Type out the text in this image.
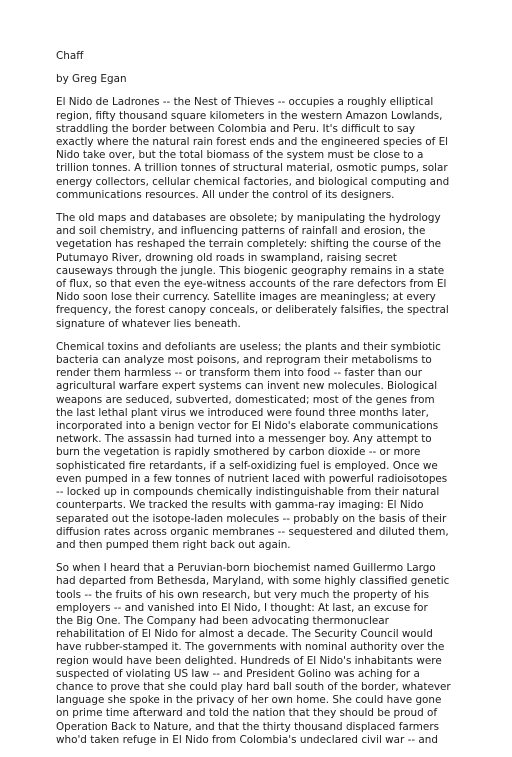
Chaff
by Greg Egan
El Nido de Ladrones -- the Nest of Thieves -- occupies a roughly elliptical
region, fifty thousand square kilometers in the western Amazon Lowlands,
straddling the border between Colombia and Peru. It's difficult to say
exactly where the natural rain forest ends and the engineered species of El
Nido take over, but the total biomass of the system must be close to a
trillion tonnes. A trillion tonnes of structural material, osmotic pumps, solar
energy collectors, cellular chemical factories, and biological computing and
communications resources. All under the control of its designers.
The old maps and databases are obsolete; by manipulating the hydrology
and soil chemistry, and influencing patterns of rainfall and erosion, the
vegetation has reshaped the terrain completely: shifting the course of the
Putumayo River, drowning old roads in swampland, raising secret
causeways through the jungle. This biogenic geography remains in a state
of flux, so that even the eye-witness accounts of the rare defectors from El
Nido soon lose their currency. Satellite images are meaningless; at every
frequency, the forest canopy conceals, or deliberately falsifies, the spectral
signature of whatever lies beneath.
Chemical toxins and defoliants are useless; the plants and their symbiotic
bacteria can analyze most poisons, and reprogram their metabolisms to
render them harmless -- or transform them into food -- faster than our
agricultural warfare expert systems can invent new molecules. Biological
weapons are seduced, subverted, domesticated; most of the genes from
the last lethal plant virus we introduced were found three months later,
incorporated into a benign vector for El Nido's elaborate communications
network. The assassin had turned into a messenger boy. Any attempt to
burn the vegetation is rapidly smothered by carbon dioxide -- or more
sophisticated fire retardants, if a self-oxidizing fuel is employed. Once we
even pumped in a few tonnes of nutrient laced with powerful radioisotopes
-- locked up in compounds chemically indistinguishable from their natural
counterparts. We tracked the results with gamma-ray imaging: El Nido
separated out the isotope-laden molecules -- probably on the basis of their
diffusion rates across organic membranes -- sequestered and diluted them,
and then pumped them right back out again.
So when I heard that a Peruvian-born biochemist named Guillermo Largo
had departed from Bethesda, Maryland, with some highly classified genetic
tools -- the fruits of his own research, but very much the property of his
employers -- and vanished into El Nido, I thought: At last, an excuse for
the Big One. The Company had been advocating thermonuclear
rehabilitation of El Nido for almost a decade. The Security Council would
have rubber-stamped it. The governments with nominal authority over the
region would have been delighted. Hundreds of El Nido's inhabitants were
suspected of violating US law -- and President Golino was aching for a
chance to prove that she could play hard ball south of the border, whatever
language she spoke in the privacy of her own home. She could have gone
on prime time afterward and told the nation that they should be proud of
Operation Back to Nature, and that the thirty thousand displaced farmers
who'd taken refuge in El Nido from Colombia's undeclared civil war -- and
